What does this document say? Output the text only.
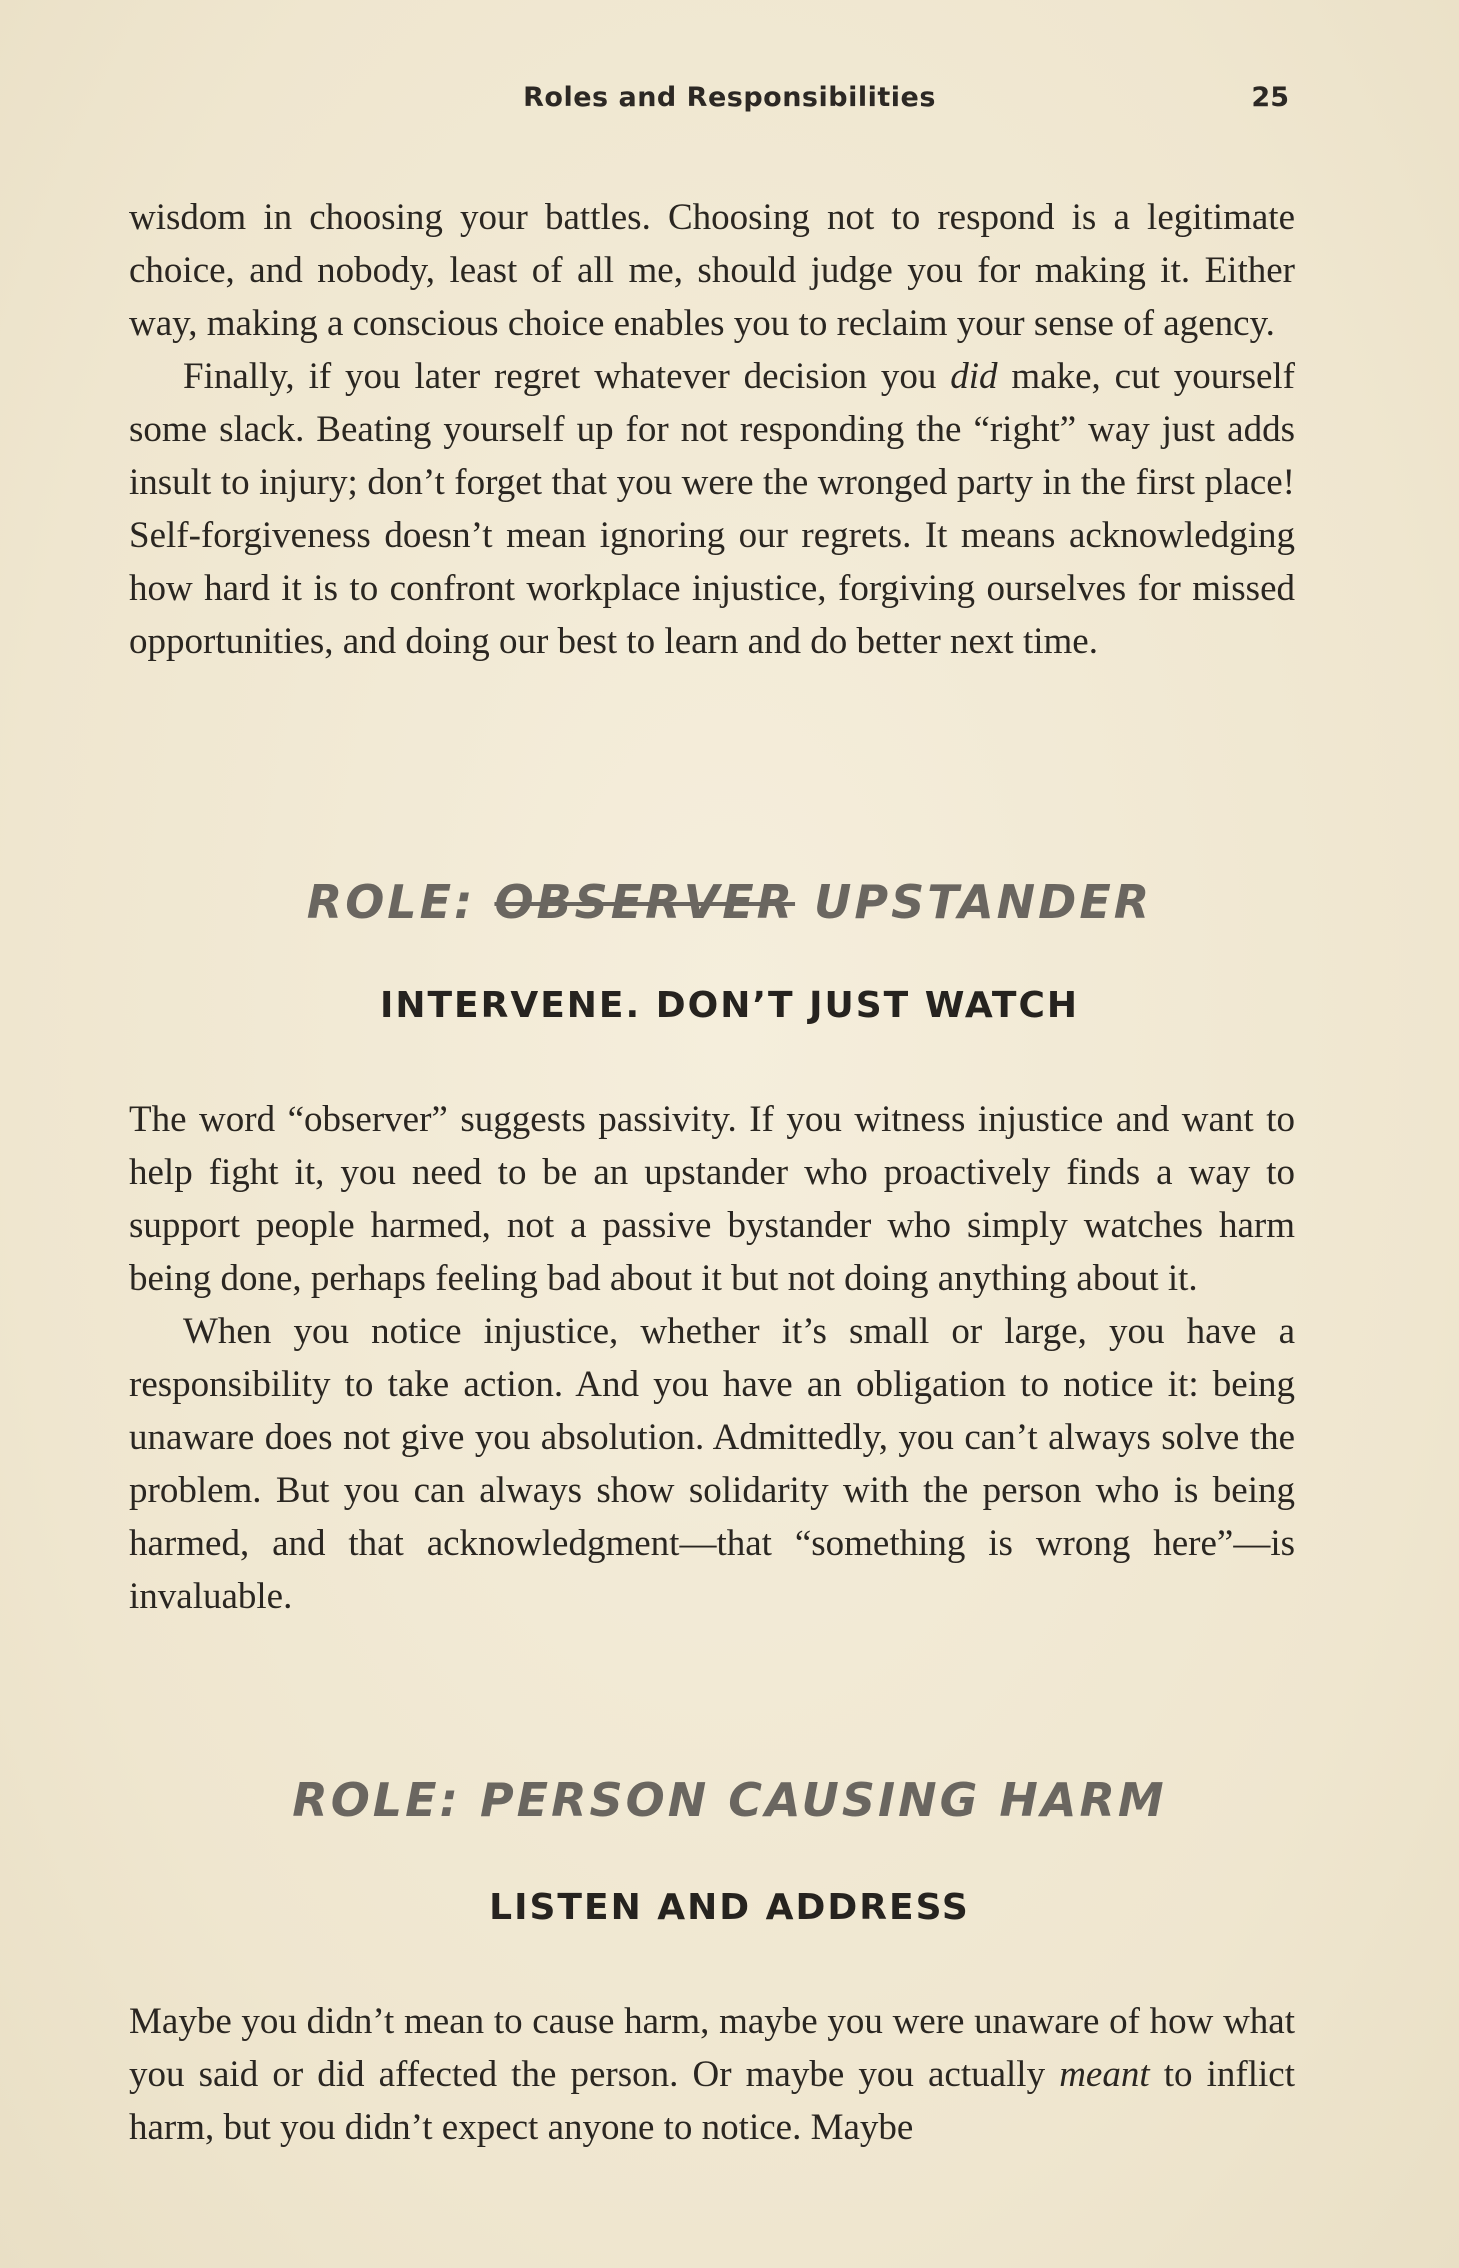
Roles and Responsibilities	25

wisdom in choosing your battles. Choosing not to respond is a legitimate choice, and nobody, least of all me, should judge you for making it. Either way, making a conscious choice enables you to reclaim your sense of agency.

Finally, if you later regret whatever decision you did make, cut yourself some slack. Beating yourself up for not responding the “right” way just adds insult to injury; don’t forget that you were the wronged party in the first place! Self-forgiveness doesn’t mean ignoring our regrets. It means acknowledging how hard it is to confront workplace injustice, forgiving ourselves for missed opportunities, and doing our best to learn and do better next time.

ROLE: OBSERVER UPSTANDER
INTERVENE. DON’T JUST WATCH

The word “observer” suggests passivity. If you witness injustice and want to help fight it, you need to be an upstander who proactively finds a way to support people harmed, not a passive bystander who simply watches harm being done, perhaps feeling bad about it but not doing anything about it.

When you notice injustice, whether it’s small or large, you have a responsibility to take action. And you have an obligation to notice it: being unaware does not give you absolution. Admittedly, you can’t always solve the problem. But you can always show solidarity with the person who is being harmed, and that acknowledgment—that “something is wrong here”—is invaluable.

ROLE: PERSON CAUSING HARM
LISTEN AND ADDRESS

Maybe you didn’t mean to cause harm, maybe you were unaware of how what you said or did affected the person. Or maybe you actually meant to inflict harm, but you didn’t expect anyone to notice. Maybe
